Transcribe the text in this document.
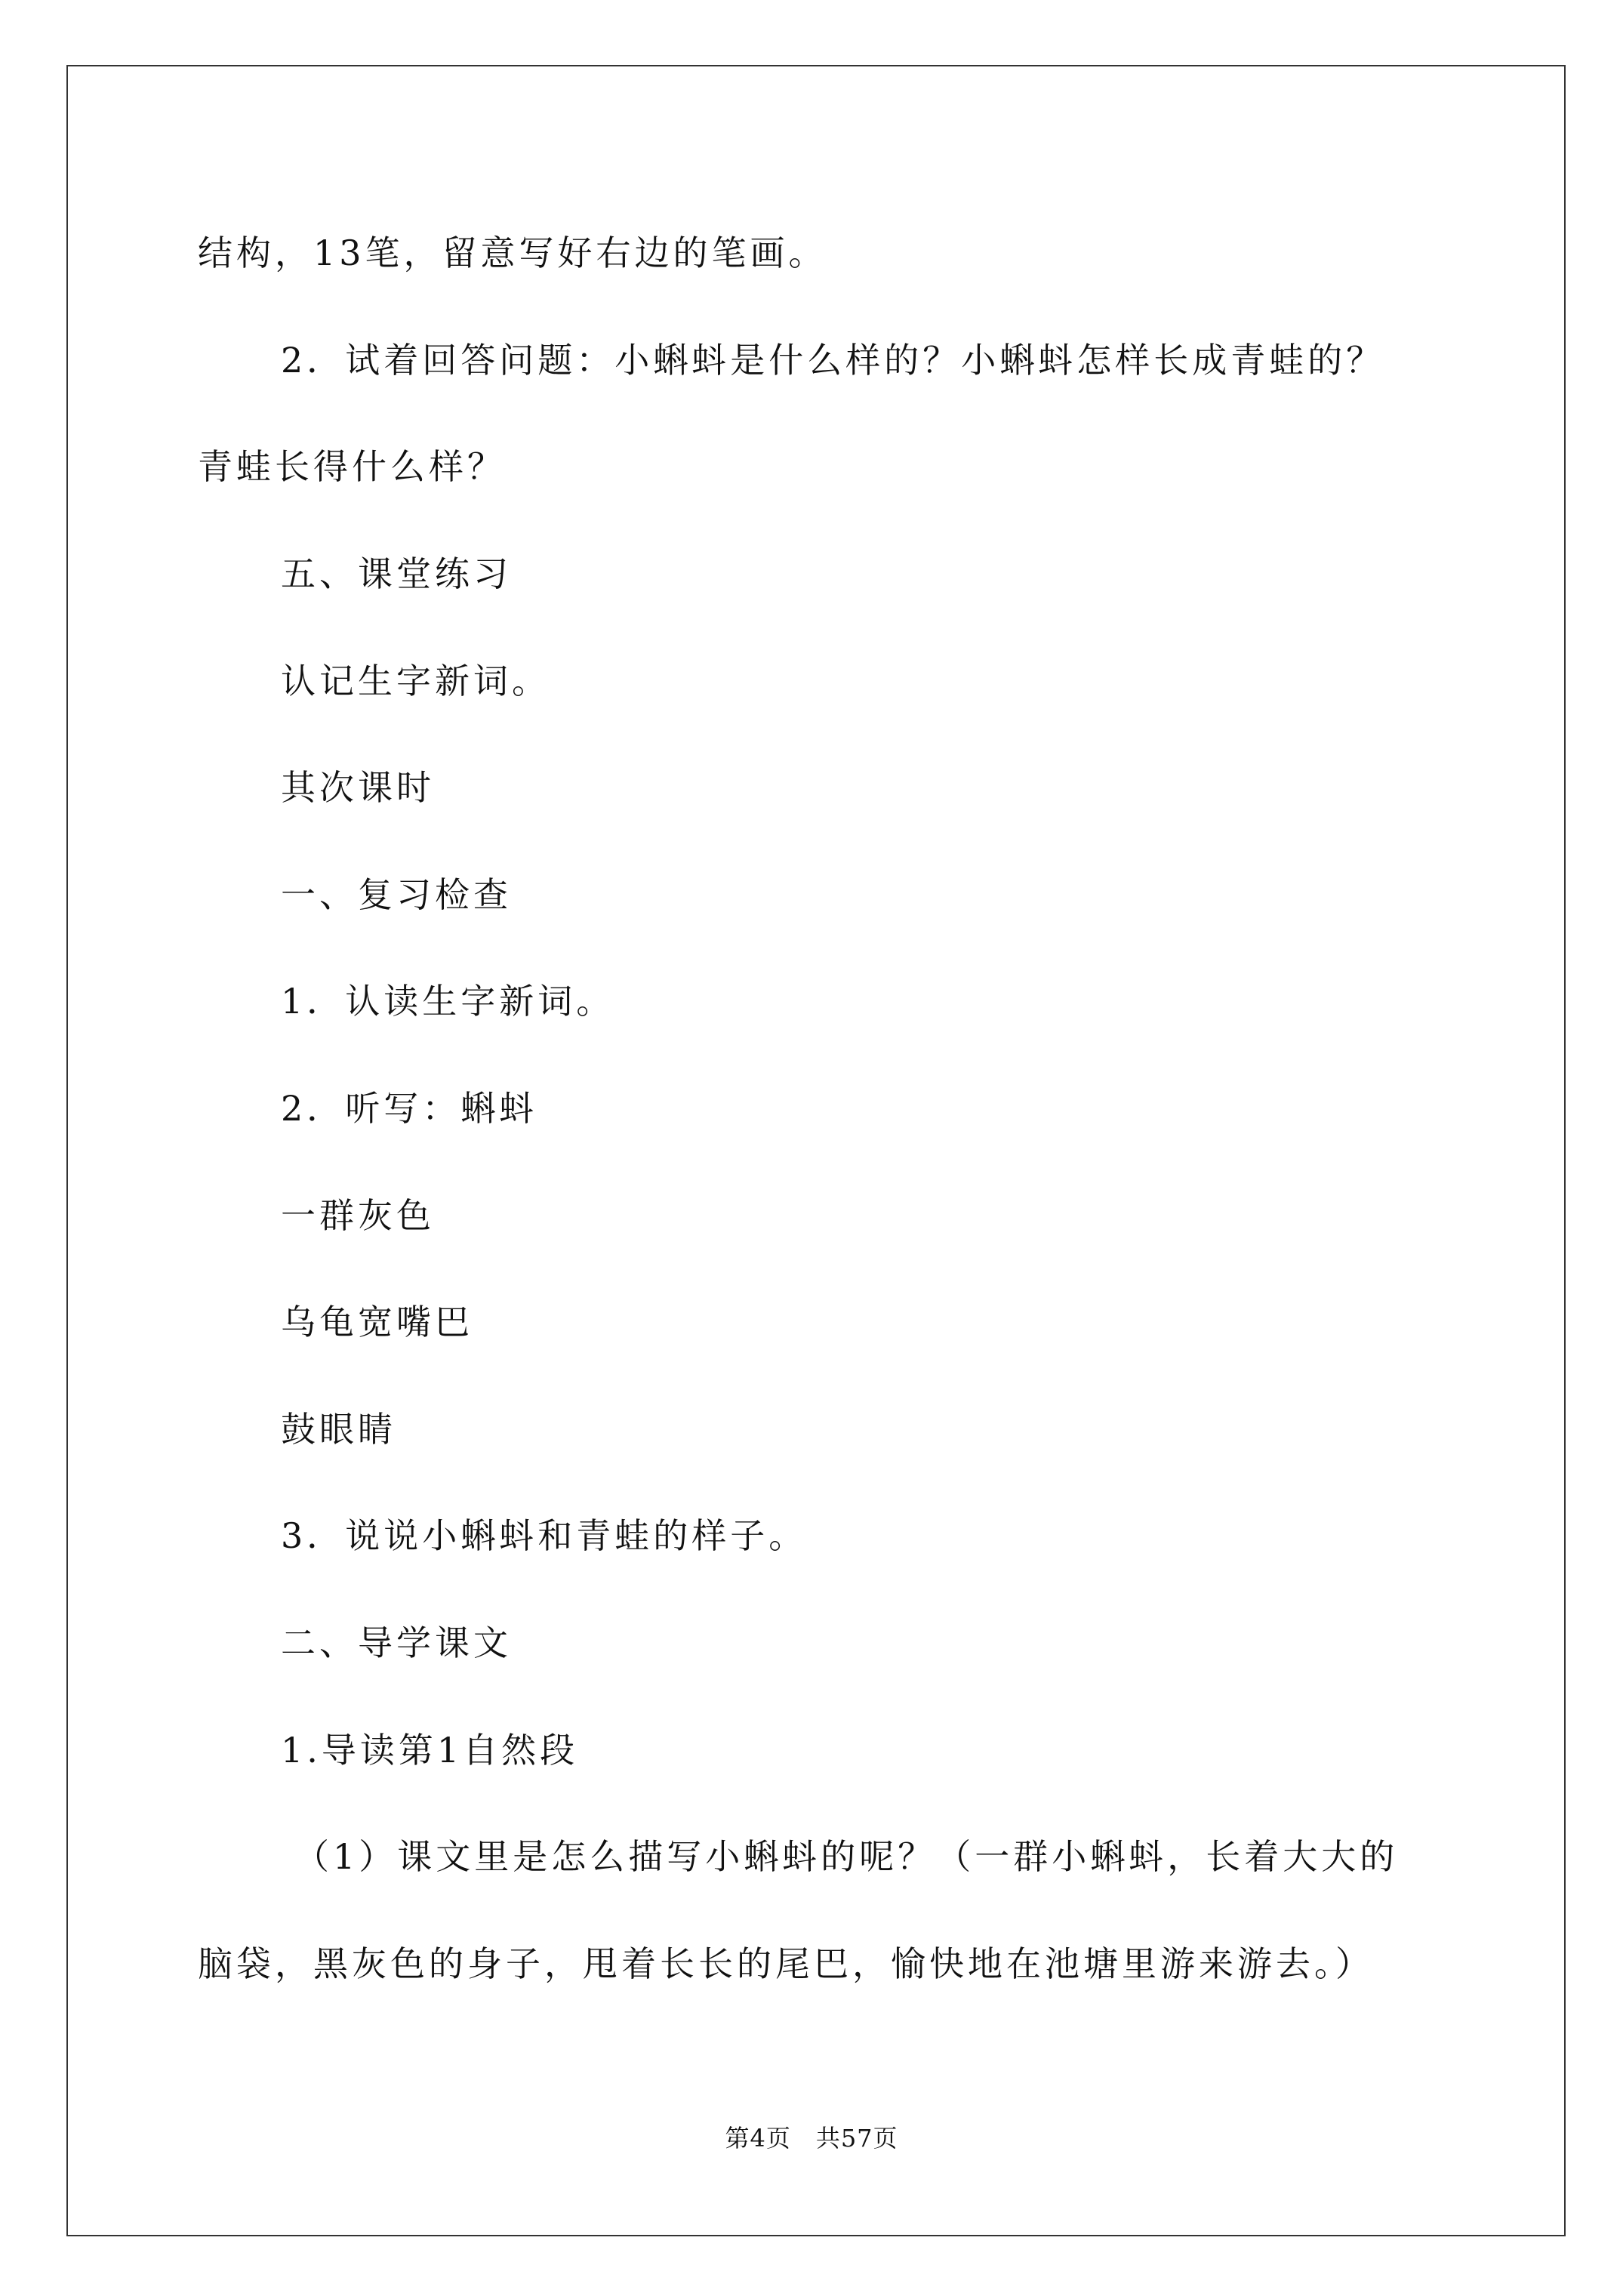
结构，13笔，留意写好右边的笔画。
2．试着回答问题：小蝌蚪是什么样的？小蝌蚪怎样长成青蛙的？
青蛙长得什么样？
五、课堂练习
认记生字新词。
其次课时
一、复习检查
1．认读生字新词。
2．听写：蝌蚪
一群灰色
乌龟宽嘴巴
鼓眼睛
3．说说小蝌蚪和青蛙的样子。
二、导学课文
1.导读第1自然段
（1）课文里是怎么描写小蝌蚪的呢？（一群小蝌蚪，长着大大的
脑袋，黑灰色的身子，甩着长长的尾巴，愉快地在池塘里游来游去。）
第4页　共57页
